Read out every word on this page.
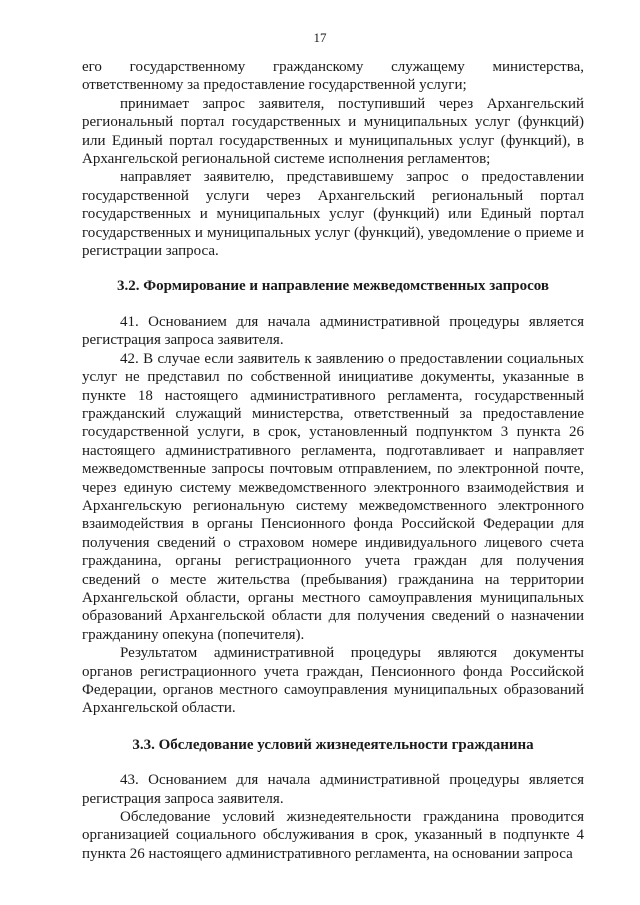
17

его государственному гражданскому служащему министерства, ответственному за предоставление государственной услуги;

принимает запрос заявителя, поступивший через Архангельский региональный портал государственных и муниципальных услуг (функций) или Единый портал государственных и муниципальных услуг (функций), в Архангельской региональной системе исполнения регламентов;

направляет заявителю, представившему запрос о предоставлении государственной услуги через Архангельский региональный портал государственных и муниципальных услуг (функций) или Единый портал государственных и муниципальных услуг (функций), уведомление о приеме и регистрации запроса.

3.2. Формирование и направление межведомственных запросов

41. Основанием для начала административной процедуры является регистрация запроса заявителя.

42. В случае если заявитель к заявлению о предоставлении социальных услуг не представил по собственной инициативе документы, указанные в пункте 18 настоящего административного регламента, государственный гражданский служащий министерства, ответственный за предоставление государственной услуги, в срок, установленный подпунктом 3 пункта 26 настоящего административного регламента, подготавливает и направляет межведомственные запросы почтовым отправлением, по электронной почте, через единую систему межведомственного электронного взаимодействия и Архангельскую региональную систему межведомственного электронного взаимодействия в органы Пенсионного фонда Российской Федерации для получения сведений о страховом номере индивидуального лицевого счета гражданина, органы регистрационного учета граждан для получения сведений о месте жительства (пребывания) гражданина на территории Архангельской области, органы местного самоуправления муниципальных образований Архангельской области для получения сведений о назначении гражданину опекуна (попечителя).

Результатом административной процедуры являются документы органов регистрационного учета граждан, Пенсионного фонда Российской Федерации, органов местного самоуправления муниципальных образований Архангельской области.

3.3. Обследование условий жизнедеятельности гражданина

43. Основанием для начала административной процедуры является регистрация запроса заявителя.

Обследование условий жизнедеятельности гражданина проводится организацией социального обслуживания в срок, указанный в подпункте 4 пункта 26 настоящего административного регламента, на основании запроса
